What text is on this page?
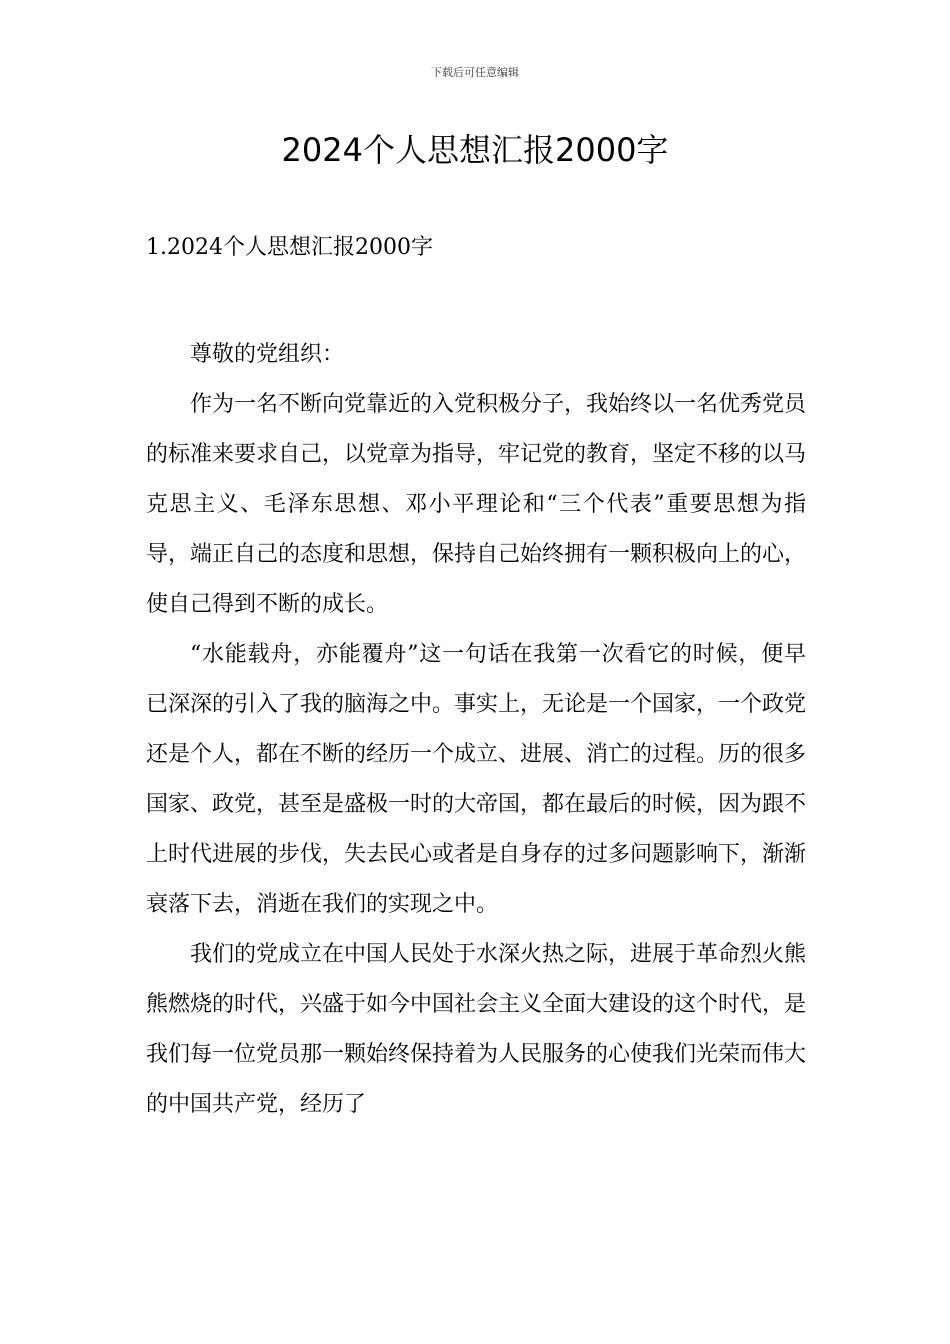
下载后可任意编辑
2024个人思想汇报2000字
1.2024个人思想汇报2000字

尊敬的党组织：

作为一名不断向党靠近的入党积极分子，我始终以一名优秀党员的标准来要求自己，以党章为指导，牢记党的教育，坚定不移的以马克思主义、毛泽东思想、邓小平理论和“三个代表”重要思想为指导，端正自己的态度和思想，保持自己始终拥有一颗积极向上的心，使自己得到不断的成长。

“水能载舟，亦能覆舟”这一句话在我第一次看它的时候，便早已深深的引入了我的脑海之中。事实上，无论是一个国家，一个政党还是个人，都在不断的经历一个成立、进展、消亡的过程。历的很多国家、政党，甚至是盛极一时的大帝国，都在最后的时候，因为跟不上时代进展的步伐，失去民心或者是自身存的过多问题影响下，渐渐衰落下去，消逝在我们的实现之中。

我们的党成立在中国人民处于水深火热之际，进展于革命烈火熊熊燃烧的时代，兴盛于如今中国社会主义全面大建设的这个时代，是我们每一位党员那一颗始终保持着为人民服务的心使我们光荣而伟大的中国共产党，经历了
